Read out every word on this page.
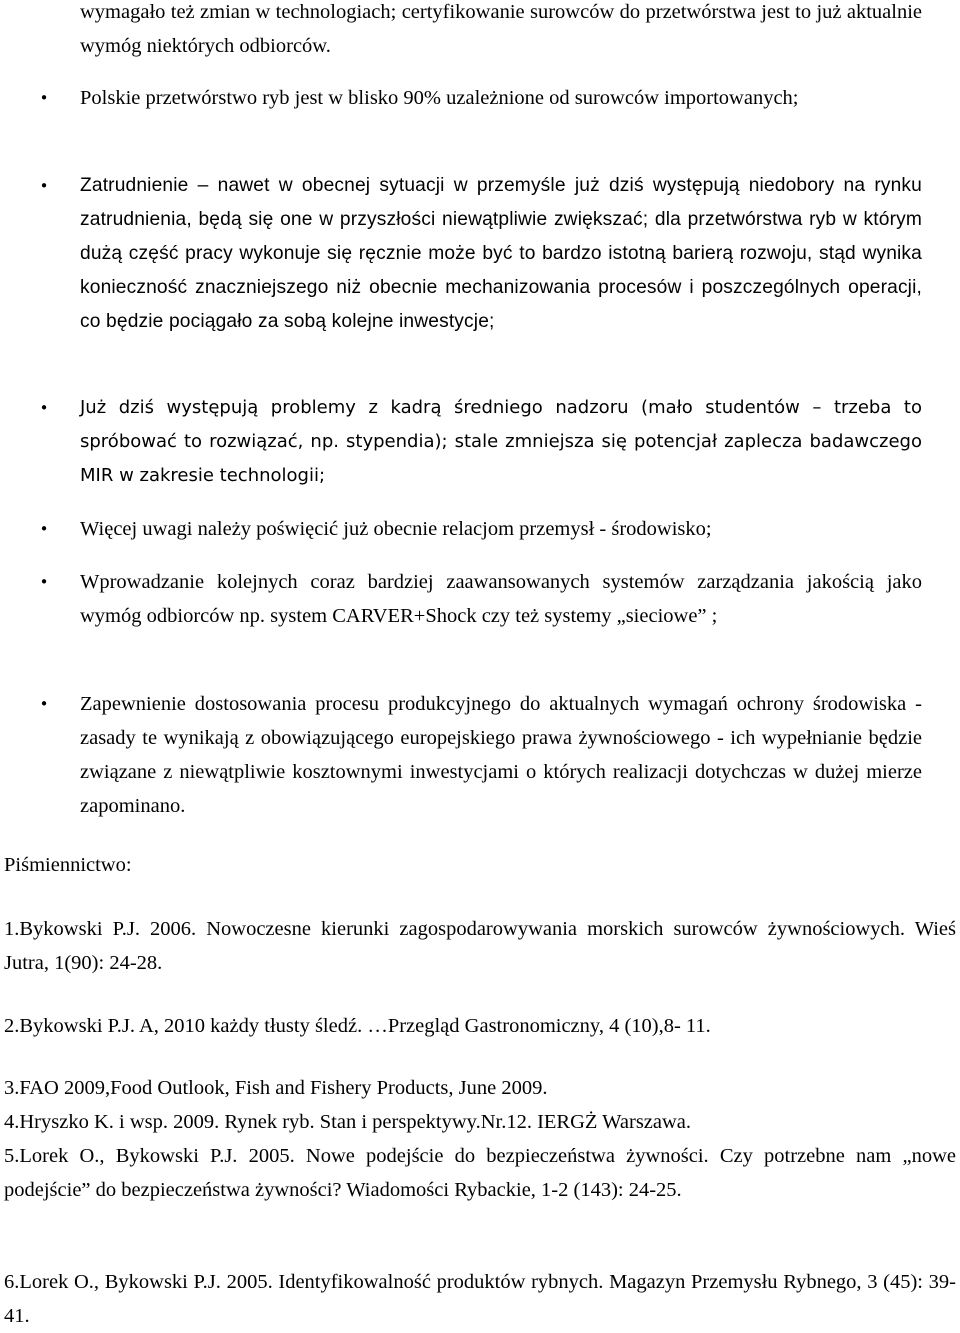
wymagało też zmian w technologiach; certyfikowanie surowców do przetwórstwa jest to już aktualnie wymóg niektórych odbiorców.

• Polskie przetwórstwo ryb jest w blisko 90% uzależnione od surowców importowanych;

• Zatrudnienie – nawet w obecnej sytuacji w przemyśle już dziś występują niedobory na rynku zatrudnienia, będą się one w przyszłości niewątpliwie zwiększać; dla przetwórstwa ryb w którym dużą część pracy wykonuje się ręcznie może być to bardzo istotną barierą rozwoju, stąd wynika konieczność znaczniejszego niż obecnie mechanizowania procesów i poszczególnych operacji, co będzie pociągało za sobą kolejne inwestycje;

• Już dziś występują problemy z kadrą średniego nadzoru (mało studentów – trzeba to spróbować to rozwiązać, np. stypendia); stale zmniejsza się potencjał zaplecza badawczego MIR w zakresie technologii;

• Więcej uwagi należy poświęcić już obecnie relacjom przemysł - środowisko;

• Wprowadzanie kolejnych coraz bardziej zaawansowanych systemów zarządzania jakością jako wymóg odbiorców np. system CARVER+Shock czy też systemy „sieciowe” ;

• Zapewnienie dostosowania procesu produkcyjnego do aktualnych wymagań ochrony środowiska - zasady te wynikają z obowiązującego europejskiego prawa żywnościowego - ich wypełnianie będzie związane z niewątpliwie kosztownymi inwestycjami o których realizacji dotychczas w dużej mierze zapominano.

Piśmiennictwo:

1.Bykowski P.J. 2006. Nowoczesne kierunki zagospodarowywania morskich surowców żywnościowych. Wieś Jutra, 1(90): 24-28.

2.Bykowski P.J. A, 2010 każdy tłusty śledź. …Przegląd Gastronomiczny, 4 (10),8- 11.

3.FAO 2009,Food Outlook, Fish and Fishery Products, June 2009.

4.Hryszko K. i wsp. 2009. Rynek ryb. Stan i perspektywy.Nr.12. IERGŻ Warszawa.

5.Lorek O., Bykowski P.J. 2005. Nowe podejście do bezpieczeństwa żywności. Czy potrzebne nam „nowe podejście” do bezpieczeństwa żywności? Wiadomości Rybackie, 1-2 (143): 24-25.

6.Lorek O., Bykowski P.J. 2005. Identyfikowalność produktów rybnych. Magazyn Przemysłu Rybnego, 3 (45): 39-41.
